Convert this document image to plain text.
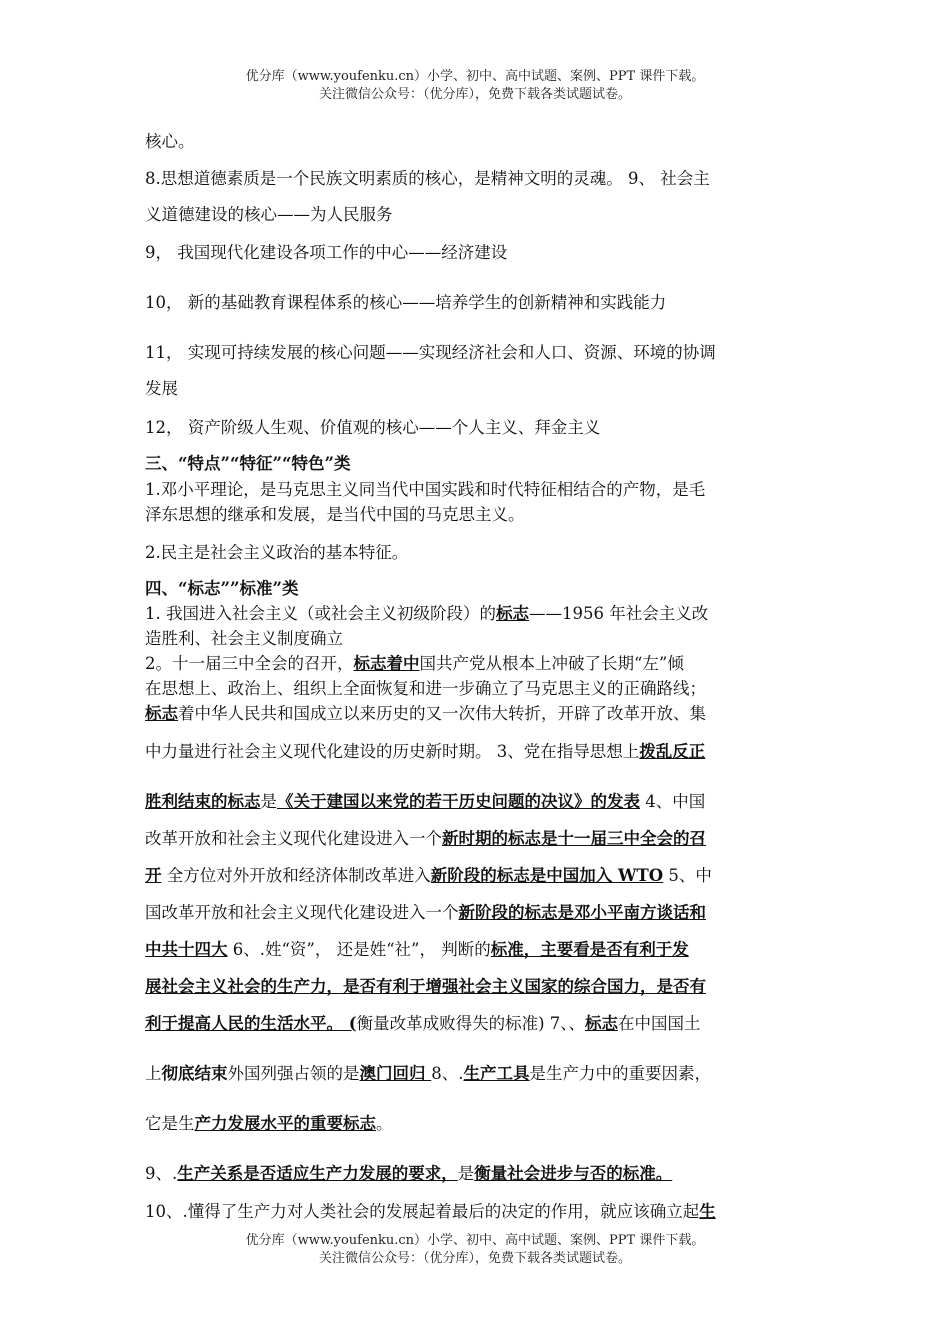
优分库（www.youfenku.cn）小学、初中、高中试题、案例、PPT 课件下载。
关注微信公众号：（优分库），免费下载各类试题试卷。
核心。
8.思想道德素质是一个民族文明素质的核心，是精神文明的灵魂。 9、 社会主
义道德建设的核心——为人民服务
9， 我国现代化建设各项工作的中心——经济建设
10， 新的基础教育课程体系的核心——培养学生的创新精神和实践能力
11， 实现可持续发展的核心问题——实现经济社会和人口、资源、环境的协调
发展
12， 资产阶级人生观、价值观的核心——个人主义、拜金主义
三、“特点”“特征”“特色”类
1.邓小平理论，是马克思主义同当代中国实践和时代特征相结合的产物，是毛
泽东思想的继承和发展，是当代中国的马克思主义。
2.民主是社会主义政治的基本特征。
四、“标志””标准”类
1. 我国进入社会主义（或社会主义初级阶段）的标志——1956 年社会主义改
造胜利、社会主义制度确立
2。十一届三中全会的召开，标志着中国共产党从根本上冲破了长期“左”倾
在思想上、政治上、组织上全面恢复和进一步确立了马克思主义的正确路线；
标志着中华人民共和国成立以来历史的又一次伟大转折，开辟了改革开放、集
中力量进行社会主义现代化建设的历史新时期。 3、党在指导思想上拨乱反正
胜利结束的标志是《关于建国以来党的若干历史问题的决议》的发表 4、中国
改革开放和社会主义现代化建设进入一个新时期的标志是十一届三中全会的召
开 全方位对外开放和经济体制改革进入新阶段的标志是中国加入 WTO 5、中
国改革开放和社会主义现代化建设进入一个新阶段的标志是邓小平南方谈话和
中共十四大 6、.姓“资”， 还是姓“社”， 判断的标准，主要看是否有利于发
展社会主义社会的生产力，是否有利于增强社会主义国家的综合国力，是否有
利于提高人民的生活水平。 (衡量改革成败得失的标准) 7、、标志在中国国土
上彻底结束外国列强占领的是澳门回归 8、.生产工具是生产力中的重要因素，
它是生产力发展水平的重要标志。
9、.生产关系是否适应生产力发展的要求，是衡量社会进步与否的标准。
10、.懂得了生产力对人类社会的发展起着最后的决定的作用，就应该确立起生
优分库（www.youfenku.cn）小学、初中、高中试题、案例、PPT 课件下载。
关注微信公众号：（优分库），免费下载各类试题试卷。
